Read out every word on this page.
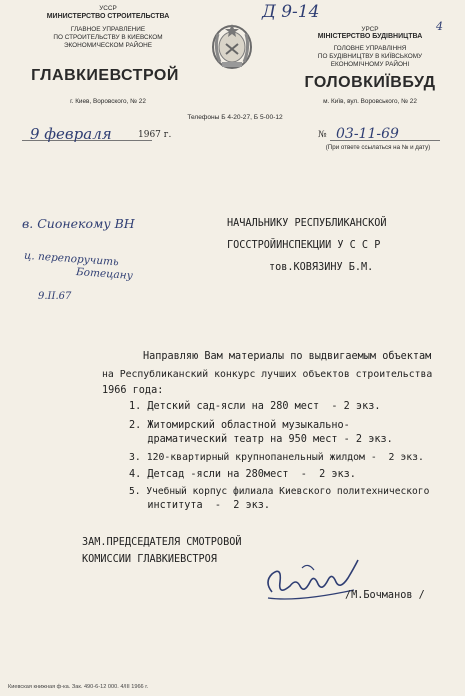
УССР
МИНИСТЕРСТВО СТРОИТЕЛЬСТВА
ГЛАВНОЕ УПРАВЛЕНИЕ
ПО СТРОИТЕЛЬСТВУ В КИЕВСКОМ
ЭКОНОМИЧЕСКОМ РАЙОНЕ
ГЛАВКИЕВСТРОЙ
г. Киев, Воровского, № 22
УРСР
МІНІСТЕРСТВО БУДІВНИЦТВА
ГОЛОВНЕ УПРАВЛІННЯ
ПО БУДІВНИЦТВУ В КИЇВСЬКОМУ
ЕКОНОМІЧНОМУ РАЙОНІ
ГОЛОВКИЇВБУД
м. Київ, вул. Воровського, № 22
Д 9-14
4
Телефоны Б 4-20-27, Б 5-00-12
9 февраля	1967 г.	№ 03-11-69
(При ответе ссылаться на № и дату)
в. Сионекому ВН
ц. перепоручить
Ботецану
9.II.67
НАЧАЛЬНИКУ РЕСПУБЛИКАНСКОЙ
ГОССТРОЙИНСПЕКЦИИ У С С Р
тов.КОВЯЗИНУ Б.М.
Направляю Вам материалы по выдвигаемым объектам
на Республиканский конкурс лучших объектов строительства
1966 года:
1. Детский сад-ясли на 280 мест  - 2 экз.
2. Житомирский областной музыкально-
драматический театр на 950 мест - 2 экз.
3. 120-квартирный крупнопанельный жилдом -  2 экз.
4. Детсад -ясли на 280мест  -  2 экз.
5. Учебный корпус филиала Киевского политехнического
института  -  2 экз.
ЗАМ.ПРЕДСЕДАТЕЛЯ СМОТРОВОЙ
КОМИССИИ ГЛАВКИЕВСТРОЯ
/М.Бочманов /
Киевская книжная ф-ка. Зак. 490-6-12 000. 4/III 1966 г.
